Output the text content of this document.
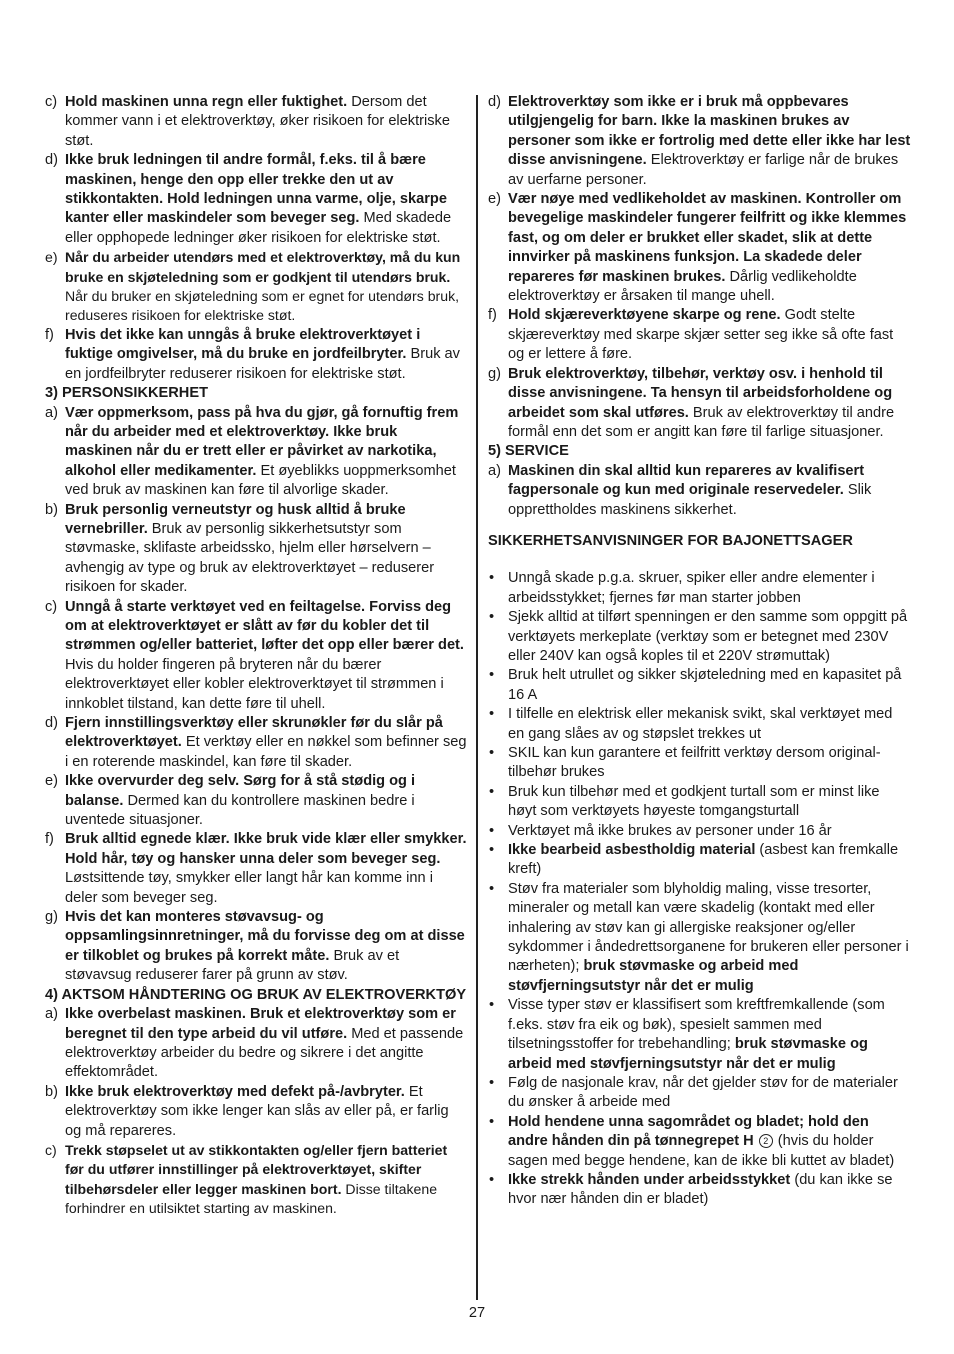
c) Hold maskinen unna regn eller fuktighet. Dersom det kommer vann i et elektroverktøy, øker risikoen for elektriske støt.

d) Ikke bruk ledningen til andre formål, f.eks. til å bære maskinen, henge den opp eller trekke den ut av stikkontakten. Hold ledningen unna varme, olje, skarpe kanter eller maskindeler som beveger seg. Med skadede eller opphopede ledninger øker risikoen for elektriske støt.

e) Når du arbeider utendørs med et elektroverktøy, må du kun bruke en skjøteledning som er godkjent til utendørs bruk. Når du bruker en skjøteledning som er egnet for utendørs bruk, reduseres risikoen for elektriske støt.

f) Hvis det ikke kan unngås å bruke elektroverktøyet i fuktige omgivelser, må du bruke en jordfeilbryter. Bruk av en jordfeilbryter reduserer risikoen for elektriske støt.

3) PERSONSIKKERHET

a) Vær oppmerksom, pass på hva du gjør, gå fornuftig frem når du arbeider med et elektroverktøy. Ikke bruk maskinen når du er trett eller er påvirket av narkotika, alkohol eller medikamenter. Et øyeblikks uoppmerksomhet ved bruk av maskinen kan føre til alvorlige skader.

b) Bruk personlig verneutstyr og husk alltid å bruke vernebriller. Bruk av personlig sikkerhetsutstyr som støvmaske, sklifaste arbeidssko, hjelm eller hørselvern – avhengig av type og bruk av elektroverktøyet – reduserer risikoen for skader.

c) Unngå å starte verktøyet ved en feiltagelse. Forviss deg om at elektroverktøyet er slått av før du kobler det til strømmen og/eller batteriet, løfter det opp eller bærer det. Hvis du holder fingeren på bryteren når du bærer elektroverktøyet eller kobler elektroverktøyet til strømmen i innkoblet tilstand, kan dette føre til uhell.

d) Fjern innstillingsverktøy eller skrunøkler før du slår på elektroverktøyet. Et verktøy eller en nøkkel som befinner seg i en roterende maskindel, kan føre til skader.

e) Ikke overvurder deg selv. Sørg for å stå stødig og i balanse. Dermed kan du kontrollere maskinen bedre i uventede situasjoner.

f) Bruk alltid egnede klær. Ikke bruk vide klær eller smykker. Hold hår, tøy og hansker unna deler som beveger seg. Løstsittende tøy, smykker eller langt hår kan komme inn i deler som beveger seg.

g) Hvis det kan monteres støvavsug- og oppsamlingsinnretninger, må du forvisse deg om at disse er tilkoblet og brukes på korrekt måte. Bruk av et støvavsug reduserer farer på grunn av støv.

4) AKTSOM HÅNDTERING OG BRUK AV ELEKTROVERKTØY

a) Ikke overbelast maskinen. Bruk et elektroverktøy som er beregnet til den type arbeid du vil utføre. Med et passende elektroverktøy arbeider du bedre og sikrere i det angitte effektområdet.

b) Ikke bruk elektroverktøy med defekt på-/avbryter. Et elektroverktøy som ikke lenger kan slås av eller på, er farlig og må repareres.

c) Trekk støpselet ut av stikkontakten og/eller fjern batteriet før du utfører innstillinger på elektroverktøyet, skifter tilbehørsdeler eller legger maskinen bort. Disse tiltakene forhindrer en utilsiktet starting av maskinen.

d) Elektroverktøy som ikke er i bruk må oppbevares utilgjengelig for barn. Ikke la maskinen brukes av personer som ikke er fortrolig med dette eller ikke har lest disse anvisningene. Elektroverktøy er farlige når de brukes av uerfarne personer.

e) Vær nøye med vedlikeholdet av maskinen. Kontroller om bevegelige maskindeler fungerer feilfritt og ikke klemmes fast, og om deler er brukket eller skadet, slik at dette innvirker på maskinens funksjon. La skadede deler repareres før maskinen brukes. Dårlig vedlikeholdte elektroverktøy er årsaken til mange uhell.

f) Hold skjæreverktøyene skarpe og rene. Godt stelte skjæreverktøy med skarpe skjær setter seg ikke så ofte fast og er lettere å føre.

g) Bruk elektroverktøy, tilbehør, verktøy osv. i henhold til disse anvisningene. Ta hensyn til arbeidsforholdene og arbeidet som skal utføres. Bruk av elektroverktøy til andre formål enn det som er angitt kan føre til farlige situasjoner.

5) SERVICE

a) Maskinen din skal alltid kun repareres av kvalifisert fagpersonale og kun med originale reservedeler. Slik opprettholdes maskinens sikkerhet.

SIKKERHETSANVISNINGER FOR BAJONETTSAGER

• Unngå skade p.g.a. skruer, spiker eller andre elementer i arbeidsstykket; fjernes før man starter jobben

• Sjekk alltid at tilført spenningen er den samme som oppgitt på verktøyets merkeplate (verktøy som er betegnet med 230V eller 240V kan også koples til et 220V strømuttak)

• Bruk helt utrullet og sikker skjøteledning med en kapasitet på 16 A

• I tilfelle en elektrisk eller mekanisk svikt, skal verktøyet med en gang slåes av og støpslet trekkes ut

• SKIL kan kun garantere et feilfritt verktøy dersom original-tilbehør brukes

• Bruk kun tilbehør med et godkjent turtall som er minst like høyt som verktøyets høyeste tomgangsturtall

• Verktøyet må ikke brukes av personer under 16 år

• Ikke bearbeid asbestholdig material (asbest kan fremkalle kreft)

• Støv fra materialer som blyholdig maling, visse tresorter, mineraler og metall kan være skadelig (kontakt med eller inhalering av støv kan gi allergiske reaksjoner og/eller sykdommer i åndedrettsorganene for brukeren eller personer i nærheten); bruk støvmaske og arbeid med støvfjerningsutstyr når det er mulig

• Visse typer støv er klassifisert som kreftfremkallende (som f.eks. støv fra eik og bøk), spesielt sammen med tilsetningsstoffer for trebehandling; bruk støvmaske og arbeid med støvfjerningsutstyr når det er mulig

• Følg de nasjonale krav, når det gjelder støv for de materialer du ønsker å arbeide med

• Hold hendene unna sagområdet og bladet; hold den andre hånden din på tønnegrepet H 2 (hvis du holder sagen med begge hendene, kan de ikke bli kuttet av bladet)

• Ikke strekk hånden under arbeidsstykket (du kan ikke se hvor nær hånden din er bladet)

27
